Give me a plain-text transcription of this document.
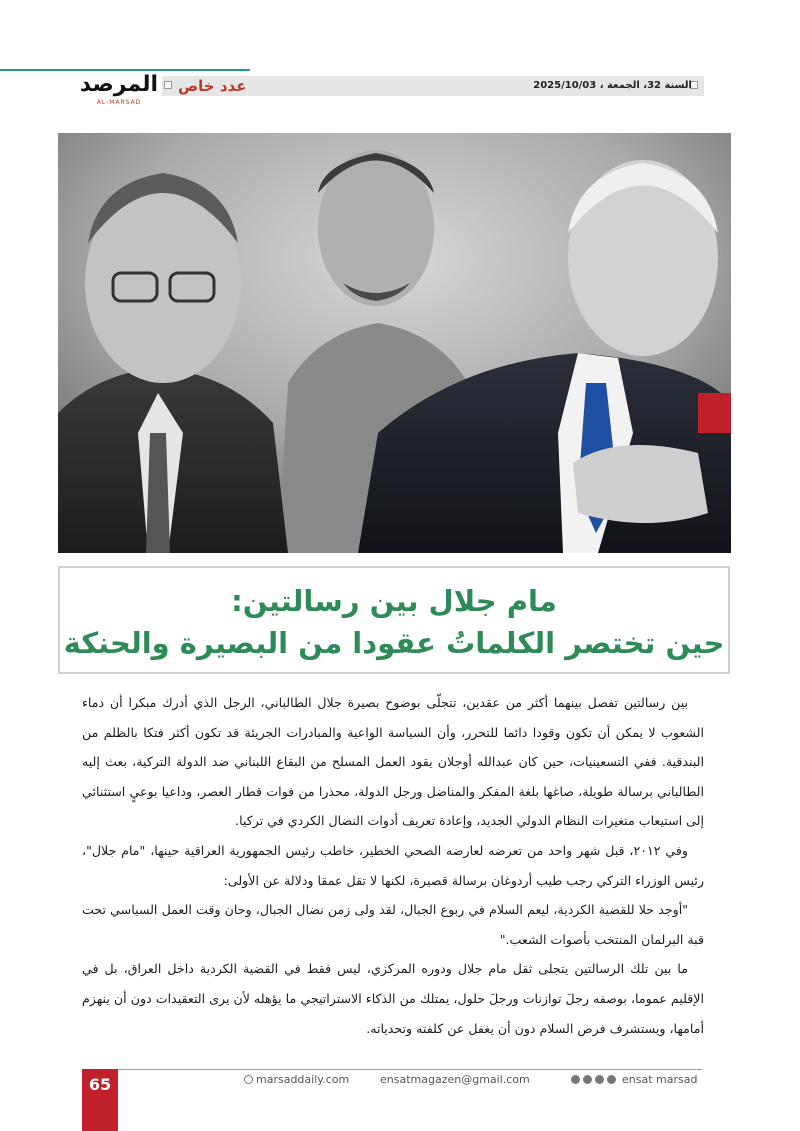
عدد خاص	السنة 32، الجمعة ، 2025/10/03
المرصد
AL-MARSAD
مام جلال بين رسالتين:
حين تختصر الكلماتُ عقودا من البصيرة والحنكة

بين رسالتين تفصل بينهما أكثر من عقدين، تتجلّى بوضوح بصيرة جلال الطالباني، الرجل الذي أدرك مبكرا أن دماء الشعوب لا يمكن أن تكون وقودا دائما للتحرر، وأن السياسة الواعية والمبادرات الجريئة قد تكون أكثر فتكا بالظلم من البندقية. ففي التسعينيات، حين كان عبدالله أوجلان يقود العمل المسلح من البقاع اللبناني ضد الدولة التركية، بعث إليه الطالباني برسالة طويلة، صاغها بلغة المفكر والمناضل ورجل الدولة، محذرا من فوات قطار العصر، وداعيا بوعيٍ استثنائي إلى استيعاب متغيرات النظام الدولي الجديد، وإعادة تعريف أدوات النضال الكردي في تركيا.

وفي ٢٠١٢، قبل شهر واحد من تعرضه لعارضه الصحي الخطير، خاطب رئيس الجمهورية العراقية حينها، "مام جلال"، رئيس الوزراء التركي رجب طيب أردوغان برسالة قصيرة، لكنها لا تقل عمقا ودلالة عن الأولى:

"أوجد حلا للقضية الكردية، ليعم السلام في ربوع الجبال، لقد ولى زمن نضال الجبال، وحان وقت العمل السياسي تحت قبة البرلمان المنتخب بأصوات الشعب."

ما بين تلك الرسالتين يتجلى ثقل مام جلال ودوره المركزي، ليس فقط في القضية الكردية داخل العراق، بل في الإقليم عموما، بوصفه رجلَ توازنات ورجلَ حلول، يمتلك من الذكاء الاستراتيجي ما يؤهله لأن يرى التعقيدات دون أن ينهزم أمامها، ويستشرف فرص السلام دون أن يغفل عن كلفته وتحدياته.

65	marsaddaily.com	ensatmagazen@gmail.com	ensat marsad
